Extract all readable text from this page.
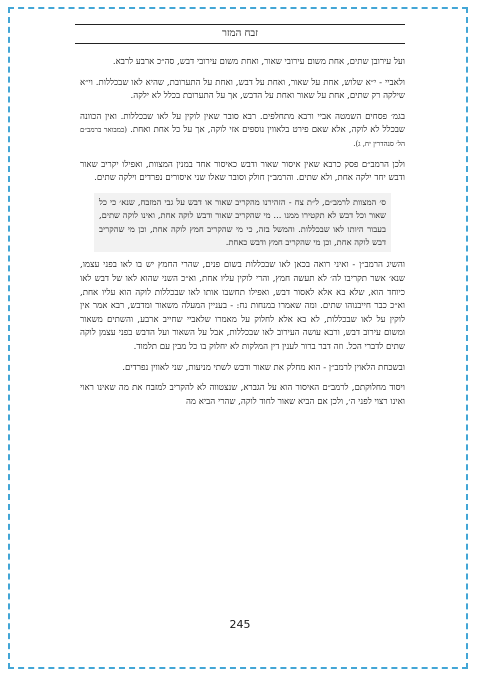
זבח המזר

ועל עירובן שתים, אחת משום עירובי שאור, ואחת משום עירובי דבש, סה״כ ארבע לרבא.

ולאביי - י״א שלוש, אחת על שאור, ואחת על דבש, ואחת על התערובת, שהיא לאו שבכללות. וי״א שילקה רק שתים, אחת על שאור ואחת על הדבש, אך על התערובת בכלל לא ילקה.

בגמ׳ פסחים השמטה אביי ורבא מתחלפים. רבא סובר שאין לוקין על לאו שבכללות. ואין הכוונה שבכלל לא לוקה, אלא שאם פירט בלאווין נוספים אזי לוקה, אך על כל אחת ואחת. (כמבואר ברמב״ם הל׳ סנהדרין יח, ג).

ולכן הרמב״ם פסק כרבא שאין איסור שאור ודבש כאיסור אחד במנין המצוות, ואפילו יקריב שאור ודבש יחד ילקה אחת, ולא שתים. והרמב״ן חולק וסובר שאלו שני איסורים נפרדים וילקה שתים.

ס׳ המצוות לרמב״ם, ל״ת צח - הזהירנו מהקריב שאור או דבש על גבי המזבח, שנא׳ כי כל שאור וכל דבש לא תקטירו ממנו ... מי שהקריב שאור ודבש לוקה אחת, ואינו לוקה שתים, בעבור היותו לאו שבכללות. והמשל בזה, כי מי שהקריב חמץ לוקה אחת, וכן מי שהקריב דבש לוקה אחת, וכן מי שהקריב חמץ ודבש כאחת.

והשיג הרמב״ן - ואיני רואה בכאן לאו שבכללות בשום פנים, שהרי החמץ יש בו לאו בפני עצמו, שנא׳ אשר תקריבו לה׳ לא תעשה חמץ, והרי לוקין עליו אחת, וא״כ השני שהוא לאו של דבש לאו כיוחד הוא, שלא בא אלא לאסור דבש, ואפילו תחשבו אותו לאו שבכללות לוקה הוא עליו אחת, וא״כ כבר חייבנוהו שתים. ומה שאמרו במנחות נח: - בעניין המעלה משאור ומדבש, רבא אמר אין לוקין על לאו שבכללות, לא בא אלא לחלוק על מאמרו שלאביי שחייב ארבע, והשתים משאור ומשום עירוב דבש, ורבא עושה העירוב לאו שבכללות, אבל על השאור ועל הדבש בפני עצמן לוקה שתים לדברי הכל. וזה דבר ברור לענין דין המלקות לא יחלוק בו כל מבין עם תלמוד.

ובשכחת הלאוין לרמב״ן - הוא מחלק את שאור ודבש לשתי מניעות, שני לאווין נפרדים.

ויסוד מחלוקתם, לרמב״ם האיסור הוא על הגברא, שנצטווה לא להקריב למזבח את מה שאינו ראוי ואינו רצוי לפני ה׳, ולכן אם הביא שאור לחוד לוקה, שהרי הביא מה

245
